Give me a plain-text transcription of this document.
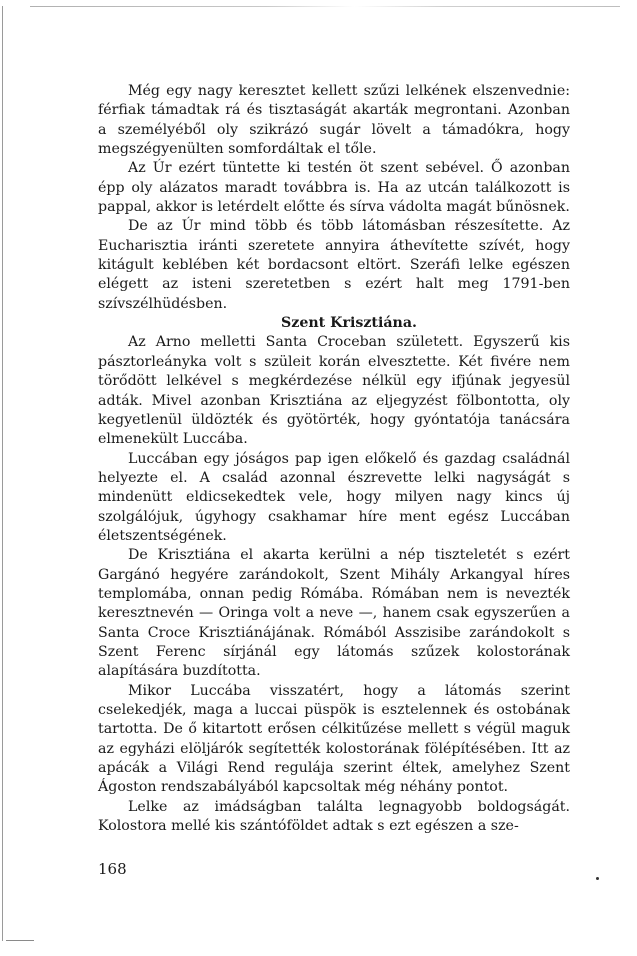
Még egy nagy keresztet kellett szűzi lelkének elszenvednie: férfiak támadtak rá és tisztaságát akarták megrontani. Azonban a személyéből oly szikrázó sugár lövelt a támadókra, hogy megszégyenülten somfordáltak el tőle.

Az Úr ezért tüntette ki testén öt szent sebével. Ő azonban épp oly alázatos maradt továbbra is. Ha az utcán találkozott is pappal, akkor is letérdelt előtte és sírva vádolta magát bűnösnek.

De az Úr mind több és több látomásban részesítette. Az Eucharisztia iránti szeretete annyira áthevítette szívét, hogy kitágult keblében két bordacsont eltört. Szeráfi lelke egészen elégett az isteni szeretetben s ezért halt meg 1791-ben szívszélhüdésben.

Szent Krisztiána.

Az Arno melletti Santa Croceban született. Egyszerű kis pásztorleányka volt s szüleit korán elvesztette. Két fivére nem törődött lelkével s megkérdezése nélkül egy ifjúnak jegyesül adták. Mivel azonban Krisztiána az eljegyzést fölbontotta, oly kegyetlenül üldözték és gyötörték, hogy gyóntatója tanácsára elmenekült Luccába.

Luccában egy jóságos pap igen előkelő és gazdag családnál helyezte el. A család azonnal észrevette lelki nagyságát s mindenütt eldicsekedtek vele, hogy milyen nagy kincs új szolgálójuk, úgyhogy csakhamar híre ment egész Luccában életszentségének.

De Krisztiána el akarta kerülni a nép tiszteletét s ezért Gargánó hegyére zarándokolt, Szent Mihály Arkangyal híres templomába, onnan pedig Rómába. Rómában nem is nevezték keresztnevén — Oringa volt a neve —, hanem csak egyszerűen a Santa Croce Krisztiánájának. Rómából Asszisibe zarándokolt s Szent Ferenc sírjánál egy látomás szűzek kolostorának alapítására buzdította.

Mikor Luccába visszatért, hogy a látomás szerint cselekedjék, maga a luccai püspök is esztelennek és ostobának tartotta. De ő kitartott erősen célkitűzése mellett s végül maguk az egyházi elöljárók segítették kolostorának fölépítésében. Itt az apácák a Világi Rend regulája szerint éltek, amelyhez Szent Ágoston rendszabályából kapcsoltak még néhány pontot.

Lelke az imádságban találta legnagyobb boldogságát. Kolostora mellé kis szántóföldet adtak s ezt egészen a sze-

168
